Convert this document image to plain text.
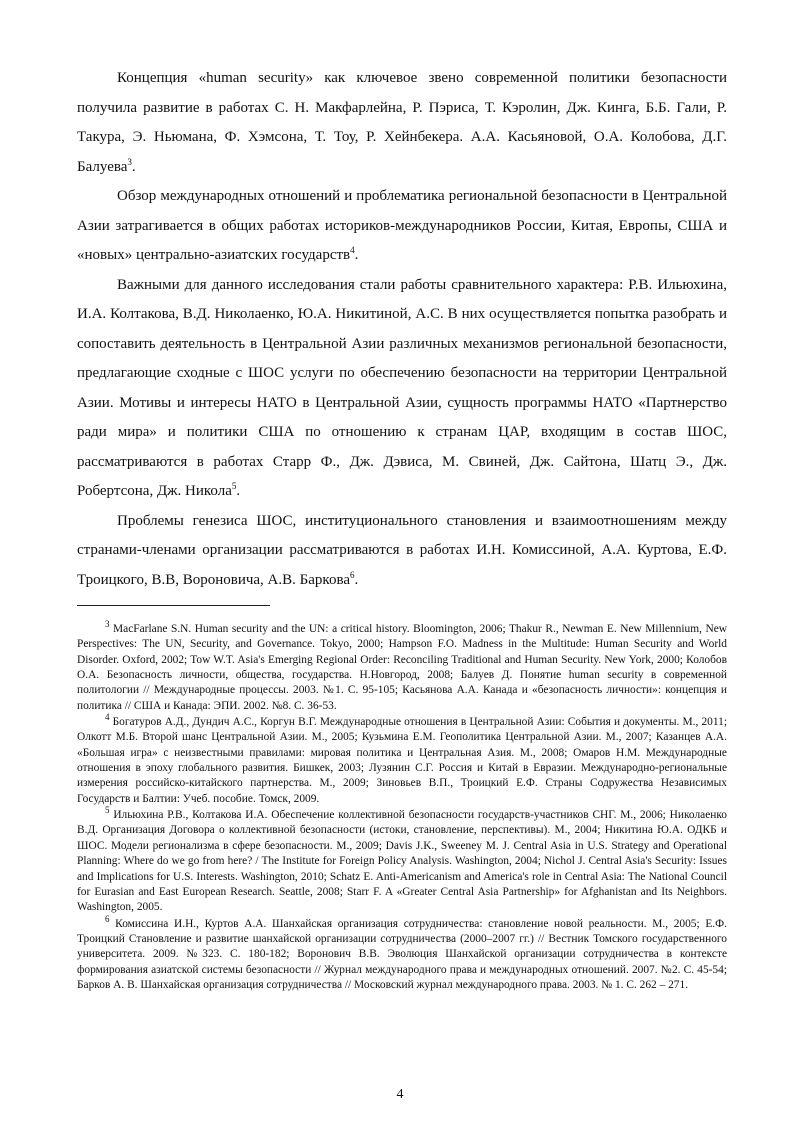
Концепция «human security» как ключевое звено современной политики безопасности получила развитие в работах С. Н. Макфарлейна, Р. Пэриса, Т. Кэролин, Дж. Кинга, Б.Б. Гали, Р. Такура, Э. Ньюмана, Ф. Хэмсона, Т. Тоу, Р. Хейнбекера. А.А. Касьяновой, О.А. Колобова, Д.Г. Балуева$^3$.

Обзор международных отношений и проблематика региональной безопасности в Центральной Азии затрагивается в общих работах историков-международников России, Китая, Европы, США и «новых» центрально-азиатских государств$^4$.

Важными для данного исследования стали работы сравнительного характера: Р.В. Ильюхина, И.А. Колтакова, В.Д. Николаенко, Ю.А. Никитиной, А.С. В них осуществляется попытка разобрать и сопоставить деятельность в Центральной Азии различных механизмов региональной безопасности, предлагающие сходные с ШОС услуги по обеспечению безопасности на территории Центральной Азии. Мотивы и интересы НАТО в Центральной Азии, сущность программы НАТО «Партнерство ради мира» и политики США по отношению к странам ЦАР, входящим в состав ШОС, рассматриваются в работах Старр Ф., Дж. Дэвиса, М. Свиней, Дж. Сайтона, Шатц Э., Дж. Робертсона, Дж. Никола$^5$.

Проблемы генезиса ШОС, институционального становления и взаимоотношениям между странами-членами организации рассматриваются в работах И.Н. Комиссиной, А.А. Куртова, Е.Ф. Троицкого, В.В, Вороновича, А.В. Баркова$^6$.

$^3$ MacFarlane S.N. Human security and the UN: a critical history. Bloomington, 2006; Thakur R., Newman E. New Millennium, New Perspectives: The UN, Security, and Governance. Tokyo, 2000; Hampson F.O. Madness in the Multitude: Human Security and World Disorder. Oxford, 2002; Tow W.T. Asia's Emerging Regional Order: Reconciling Traditional and Human Security. New York, 2000; Колобов О.А. Безопасность личности, общества, государства. Н.Новгород, 2008; Балуев Д. Понятие human security в современной политологии // Международные процессы. 2003. №1. С. 95-105; Касьянова А.А. Канада и «безопасность личности»: концепция и политика // США и Канада: ЭПИ. 2002. №8. С. 36-53.

$^4$ Богатуров А.Д., Дундич А.С., Коргун В.Г. Международные отношения в Центральной Азии: События и документы. М., 2011; Олкотт М.Б. Второй шанс Центральной Азии. М., 2005; Кузьмина Е.М. Геополитика Центральной Азии. М., 2007; Казанцев А.А. «Большая игра» с неизвестными правилами: мировая политика и Центральная Азия. М., 2008; Омаров Н.М. Международные отношения в эпоху глобального развития. Бишкек, 2003; Лузянин С.Г. Россия и Китай в Евразии. Международно-региональные измерения российско-китайского партнерства. М., 2009; Зиновьев В.П., Троицкий Е.Ф. Страны Содружества Независимых Государств и Балтии: Учеб. пособие. Томск, 2009.

$^5$ Ильюхина Р.В., Колтакова И.А. Обеспечение коллективной безопасности государств-участников СНГ. М., 2006; Николаенко В.Д. Организация Договора о коллективной безопасности (истоки, становление, перспективы). М., 2004; Никитина Ю.А. ОДКБ и ШОС. Модели регионализма в сфере безопасности. М., 2009; Davis J.K., Sweeney M. J. Central Asia in U.S. Strategy and Operational Planning: Where do we go from here? / The Institute for Foreign Policy Analysis. Washington, 2004; Nichol J. Central Asia's Security: Issues and Implications for U.S. Interests. Washington, 2010; Schatz E. Anti-Americanism and America's role in Central Asia: The National Council for Eurasian and East European Research. Seattle, 2008; Starr F. A «Greater Central Asia Partnership» for Afghanistan and Its Neighbors. Washington, 2005.

$^6$ Комиссина И.Н., Куртов А.А. Шанхайская организация сотрудничества: становление новой реальности. М., 2005; Е.Ф. Троицкий Становление и развитие шанхайской организации сотрудничества (2000–2007 гг.) // Вестник Томского государственного университета. 2009. №323. С. 180-182; Воронович В.В. Эволюция Шанхайской организации сотрудничества в контексте формирования азиатской системы безопасности // Журнал международного права и международных отношений. 2007. №2. С. 45-54; Барков А. В. Шанхайская организация сотрудничества // Московский журнал международного права. 2003. № 1. С. 262 – 271.

4
